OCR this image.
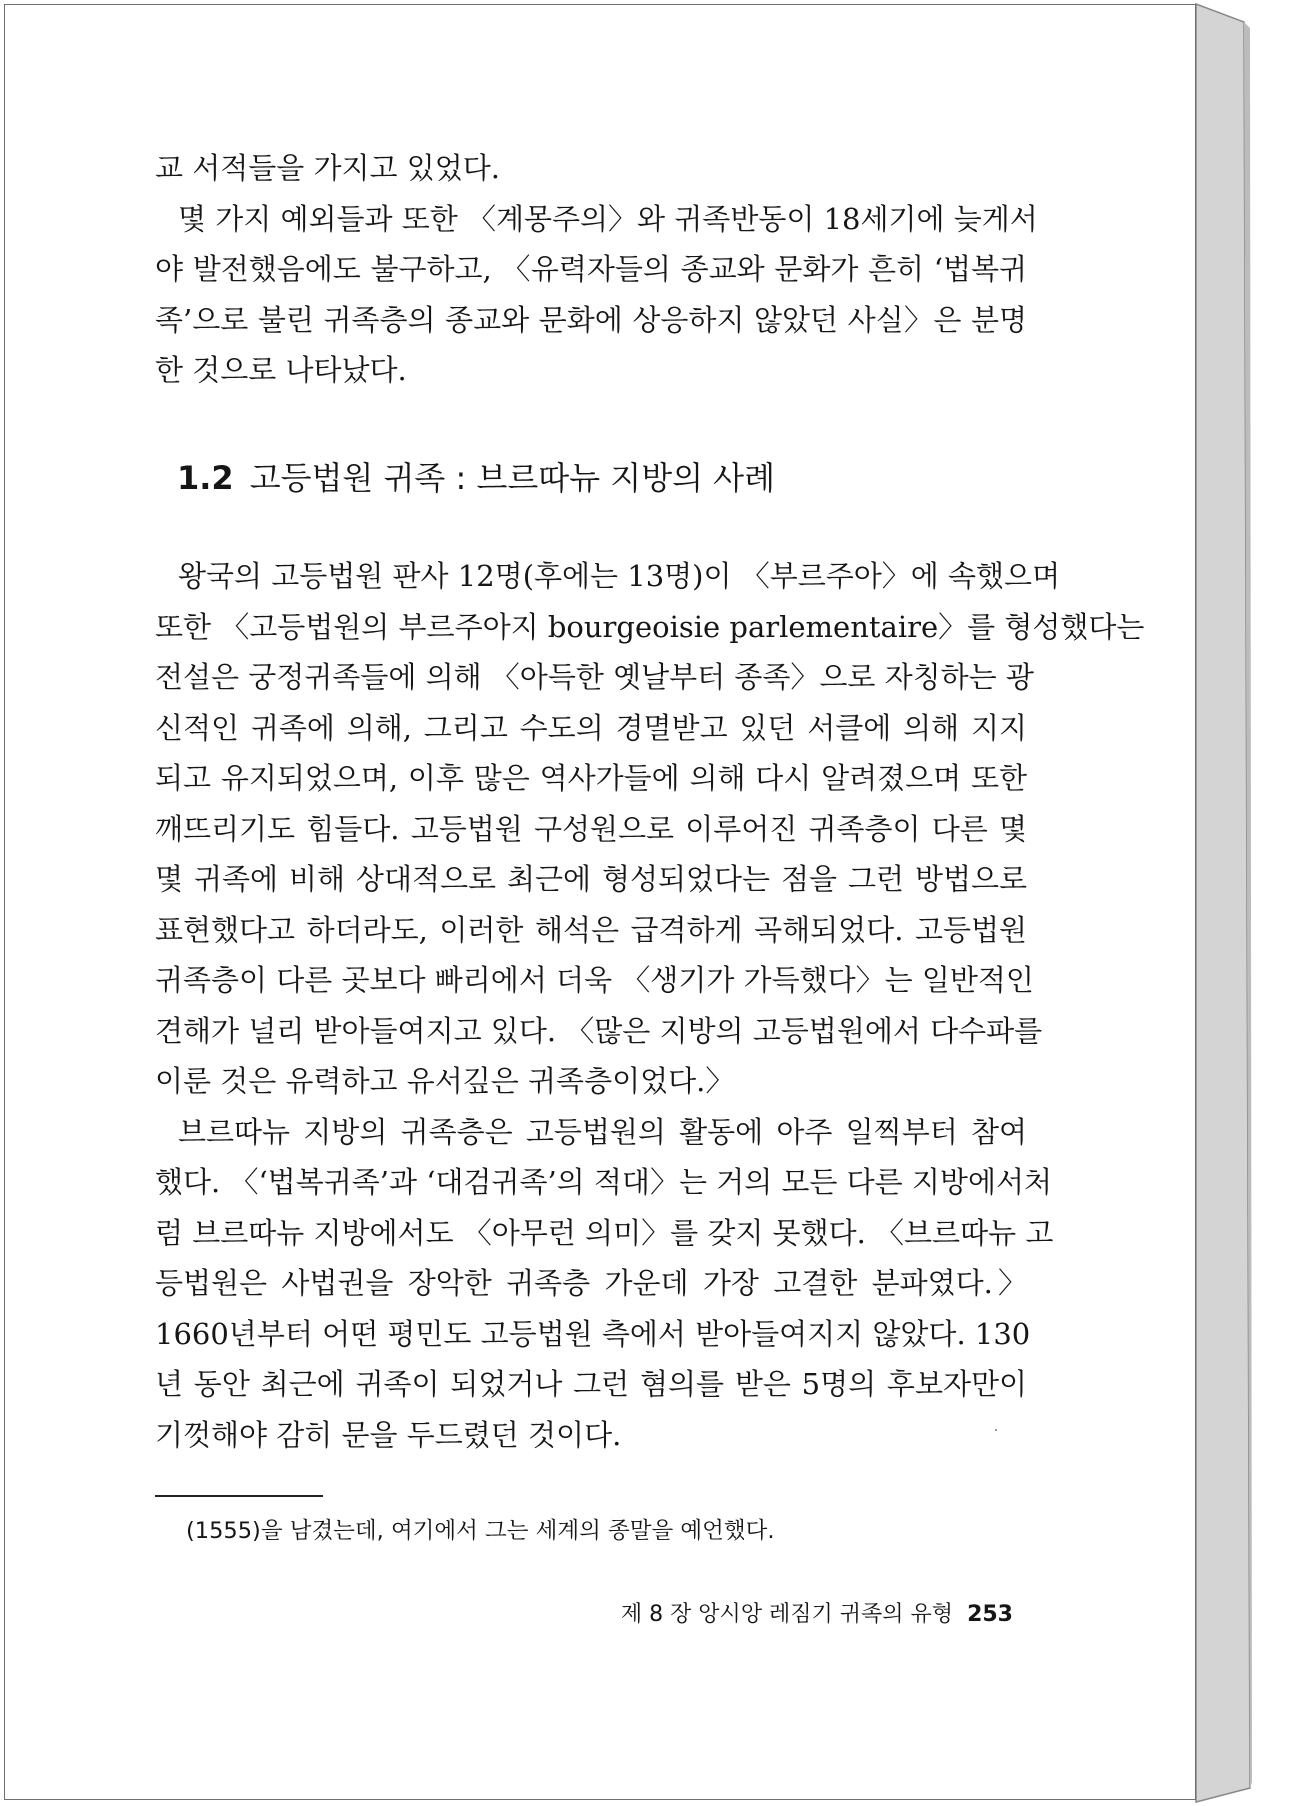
교 서적들을 가지고 있었다.
몇 가지 예외들과 또한 〈계몽주의〉와 귀족반동이 18세기에 늦게서
야 발전했음에도 불구하고, 〈유력자들의 종교와 문화가 흔히 ‘법복귀
족’으로 불린 귀족층의 종교와 문화에 상응하지 않았던 사실〉은 분명
한 것으로 나타났다.
1.2 고등법원 귀족 : 브르따뉴 지방의 사례
왕국의 고등법원 판사 12명(후에는 13명)이 〈부르주아〉에 속했으며
또한 〈고등법원의 부르주아지 bourgeoisie parlementaire〉를 형성했다는
전설은 궁정귀족들에 의해 〈아득한 옛날부터 종족〉으로 자칭하는 광
신적인 귀족에 의해, 그리고 수도의 경멸받고 있던 서클에 의해 지지
되고 유지되었으며, 이후 많은 역사가들에 의해 다시 알려졌으며 또한
깨뜨리기도 힘들다. 고등법원 구성원으로 이루어진 귀족층이 다른 몇
몇 귀족에 비해 상대적으로 최근에 형성되었다는 점을 그런 방법으로
표현했다고 하더라도, 이러한 해석은 급격하게 곡해되었다. 고등법원
귀족층이 다른 곳보다 빠리에서 더욱 〈생기가 가득했다〉는 일반적인
견해가 널리 받아들여지고 있다. 〈많은 지방의 고등법원에서 다수파를
이룬 것은 유력하고 유서깊은 귀족층이었다.〉
브르따뉴 지방의 귀족층은 고등법원의 활동에 아주 일찍부터 참여
했다. 〈‘법복귀족’과 ‘대검귀족’의 적대〉는 거의 모든 다른 지방에서처
럼 브르따뉴 지방에서도 〈아무런 의미〉를 갖지 못했다. 〈브르따뉴 고
등법원은 사법권을 장악한 귀족층 가운데 가장 고결한 분파였다.〉
1660년부터 어떤 평민도 고등법원 측에서 받아들여지지 않았다. 130
년 동안 최근에 귀족이 되었거나 그런 혐의를 받은 5명의 후보자만이
기껏해야 감히 문을 두드렸던 것이다.
(1555)을 남겼는데, 여기에서 그는 세계의 종말을 예언했다.
제 8 장 앙시앙 레짐기 귀족의 유형 253
